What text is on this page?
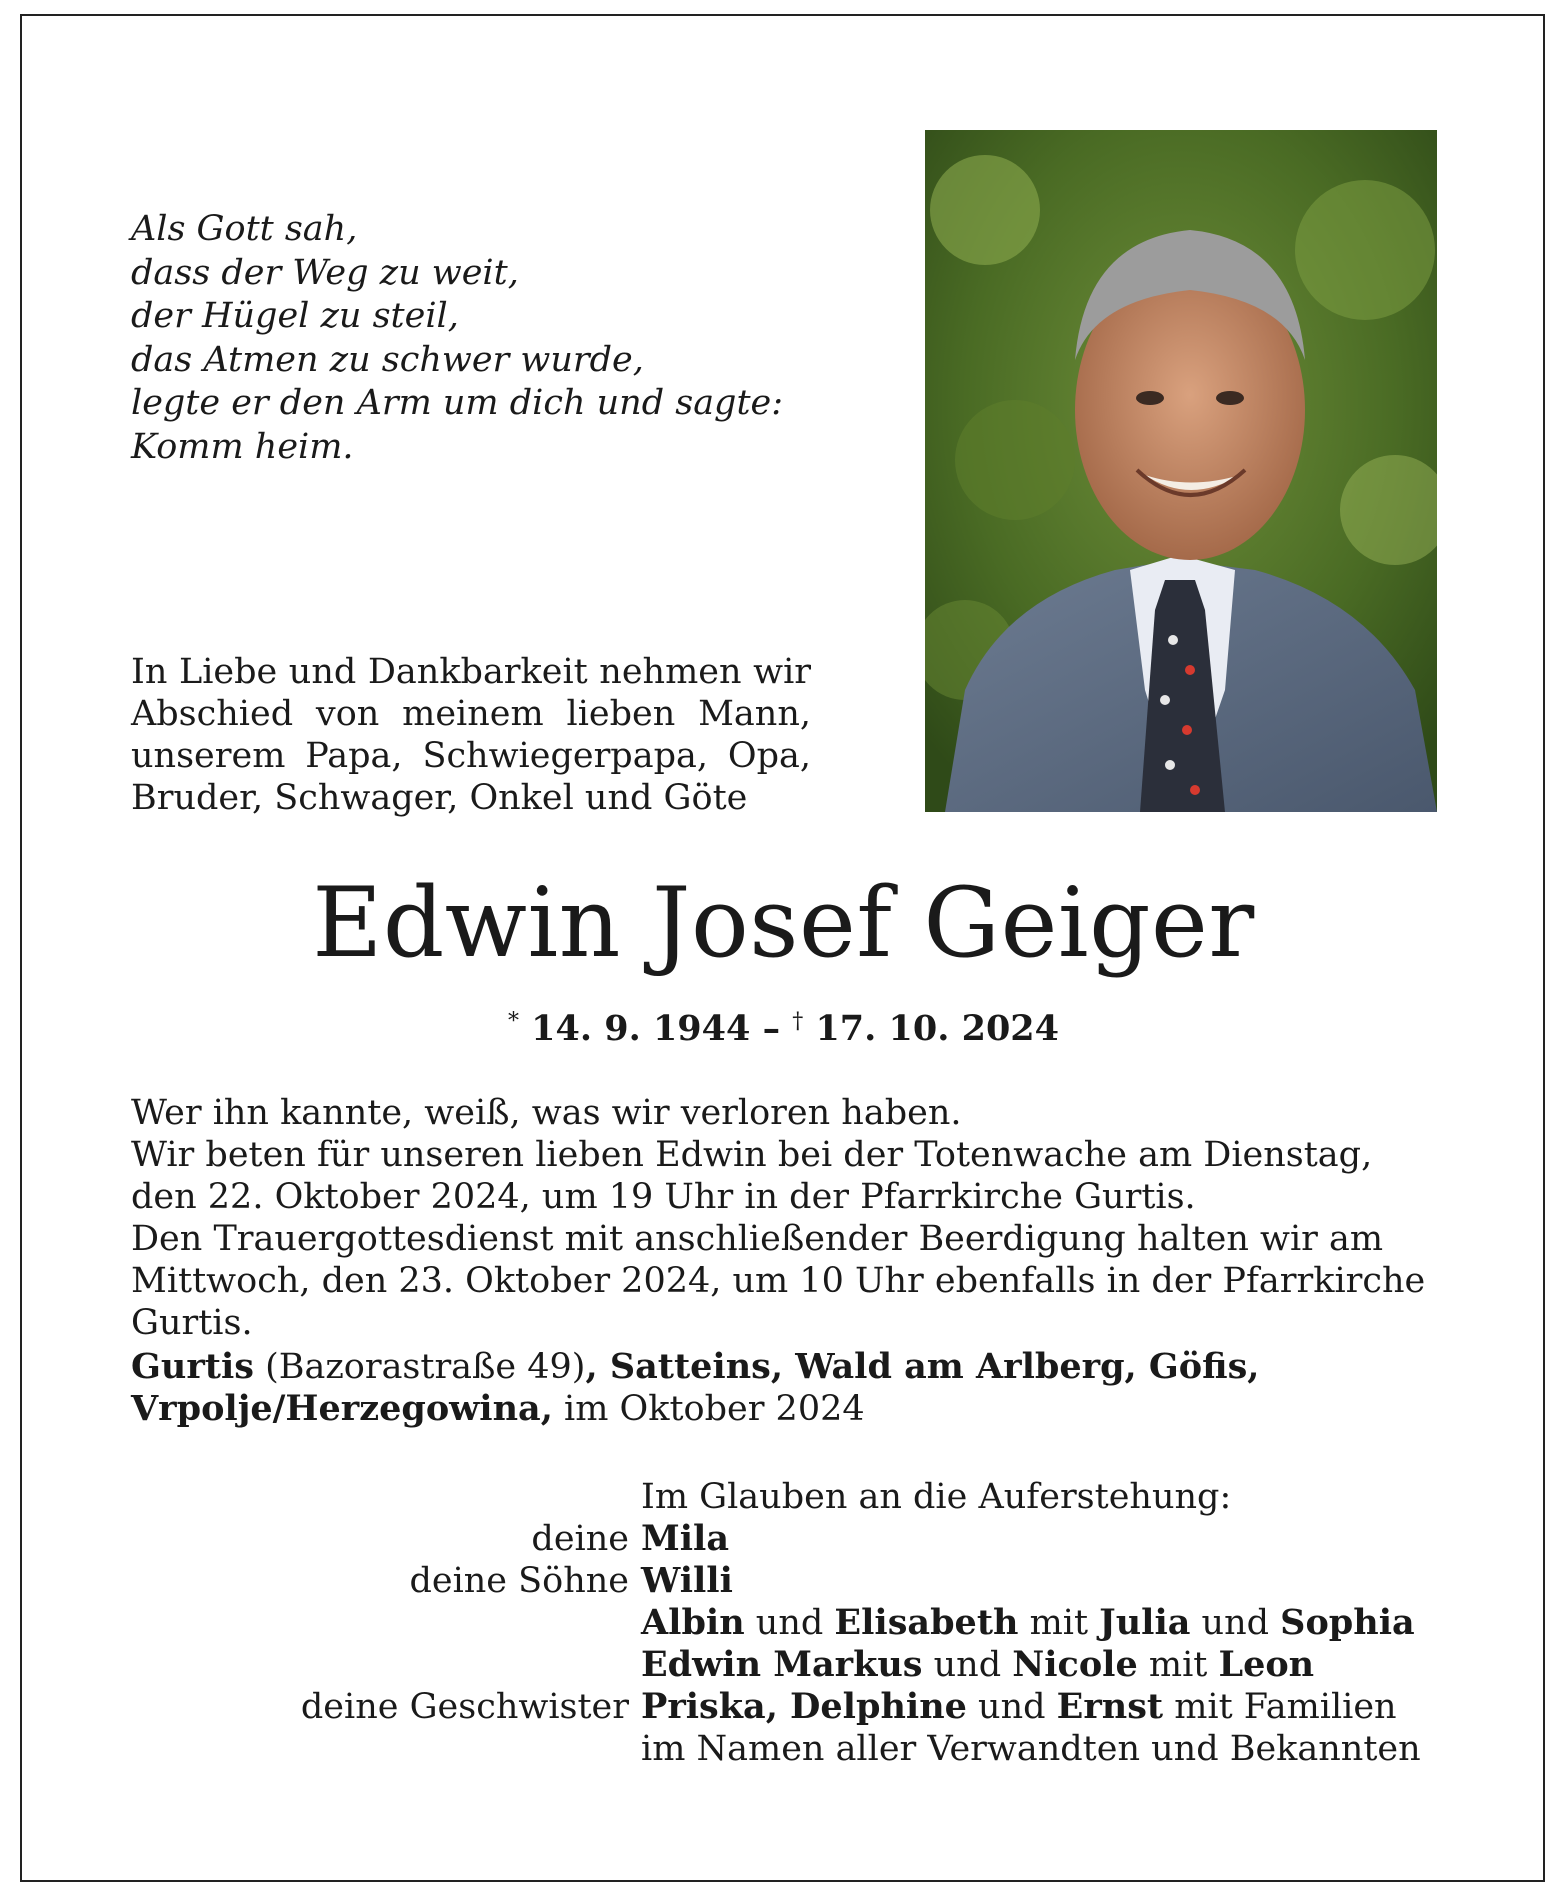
Als Gott sah,
dass der Weg zu weit,
der Hügel zu steil,
das Atmen zu schwer wurde,
legte er den Arm um dich und sagte:
Komm heim.
In Liebe und Dankbarkeit nehmen wir Abschied von meinem lieben Mann, unserem Papa, Schwiegerpapa, Opa, Bruder, Schwager, Onkel und Göte
Edwin Josef Geiger
* 14. 9. 1944 – † 17. 10. 2024

Wer ihn kannte, weiß, was wir verloren haben.

Wir beten für unseren lieben Edwin bei der Totenwache am Dienstag, den 22. Oktober 2024, um 19 Uhr in der Pfarrkirche Gurtis.

Den Trauergottesdienst mit anschließender Beerdigung halten wir am Mittwoch, den 23. Oktober 2024, um 10 Uhr ebenfalls in der Pfarrkirche Gurtis.

Gurtis (Bazorastraße 49), Satteins, Wald am Arlberg, Göfis,
Vrpolje/Herzegowina, im Oktober 2024
Im Glauben an die Auferstehung:
deine Mila
deine Söhne Willi
Albin und Elisabeth mit Julia und Sophia
Edwin Markus und Nicole mit Leon
deine Geschwister Priska, Delphine und Ernst mit Familien
im Namen aller Verwandten und Bekannten
